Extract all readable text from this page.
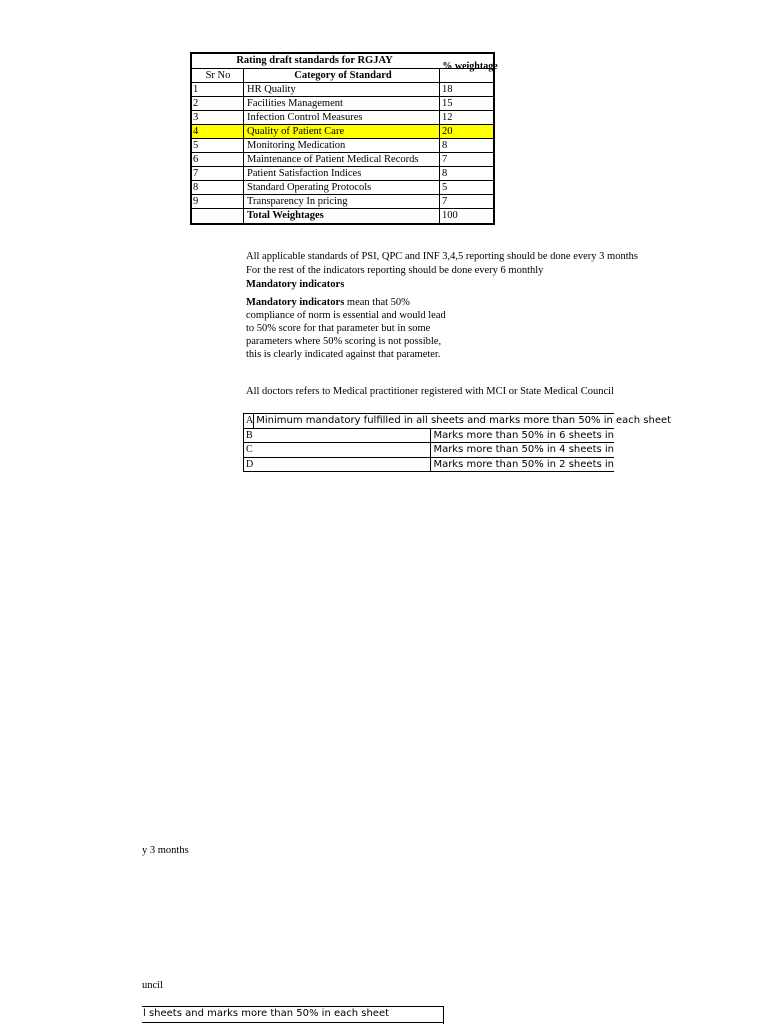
Rating draft standards for RGJAY
Sr No	Category of Standard
% weightage
1	HR Quality	18
2	Facilities Management	15
3	Infection Control Measures	12
4	Quality of Patient Care	20
5	Monitoring Medication	8
6	Maintenance of Patient Medical Records	7
7	Patient Satisfaction Indices	8
8	Standard Operating Protocols	5
9	Transparency In pricing	7
Total Weightages	100
All applicable standards of PSI, QPC and INF 3,4,5 reporting should be done every 3 months
For the rest of the indicators reporting should be done every 6 monthly
Mandatory indicators
Mandatory indicators mean that 50% compliance of norm is essential and would lead to 50% score for that parameter but in some parameters where 50% scoring is not possible, this is clearly indicated against that parameter.
All doctors refers to Medical practitioner registered with MCI or State Medical Council
A Minimum mandatory fulfilled in all sheets and marks more than 50% in each sheet
B	Marks more than 50% in 6 sheets in
C	Marks more than 50% in 4 sheets in
D	Marks more than 50% in 2 sheets in
y 3 months
uncil
l sheets and marks more than 50% in each sheet
